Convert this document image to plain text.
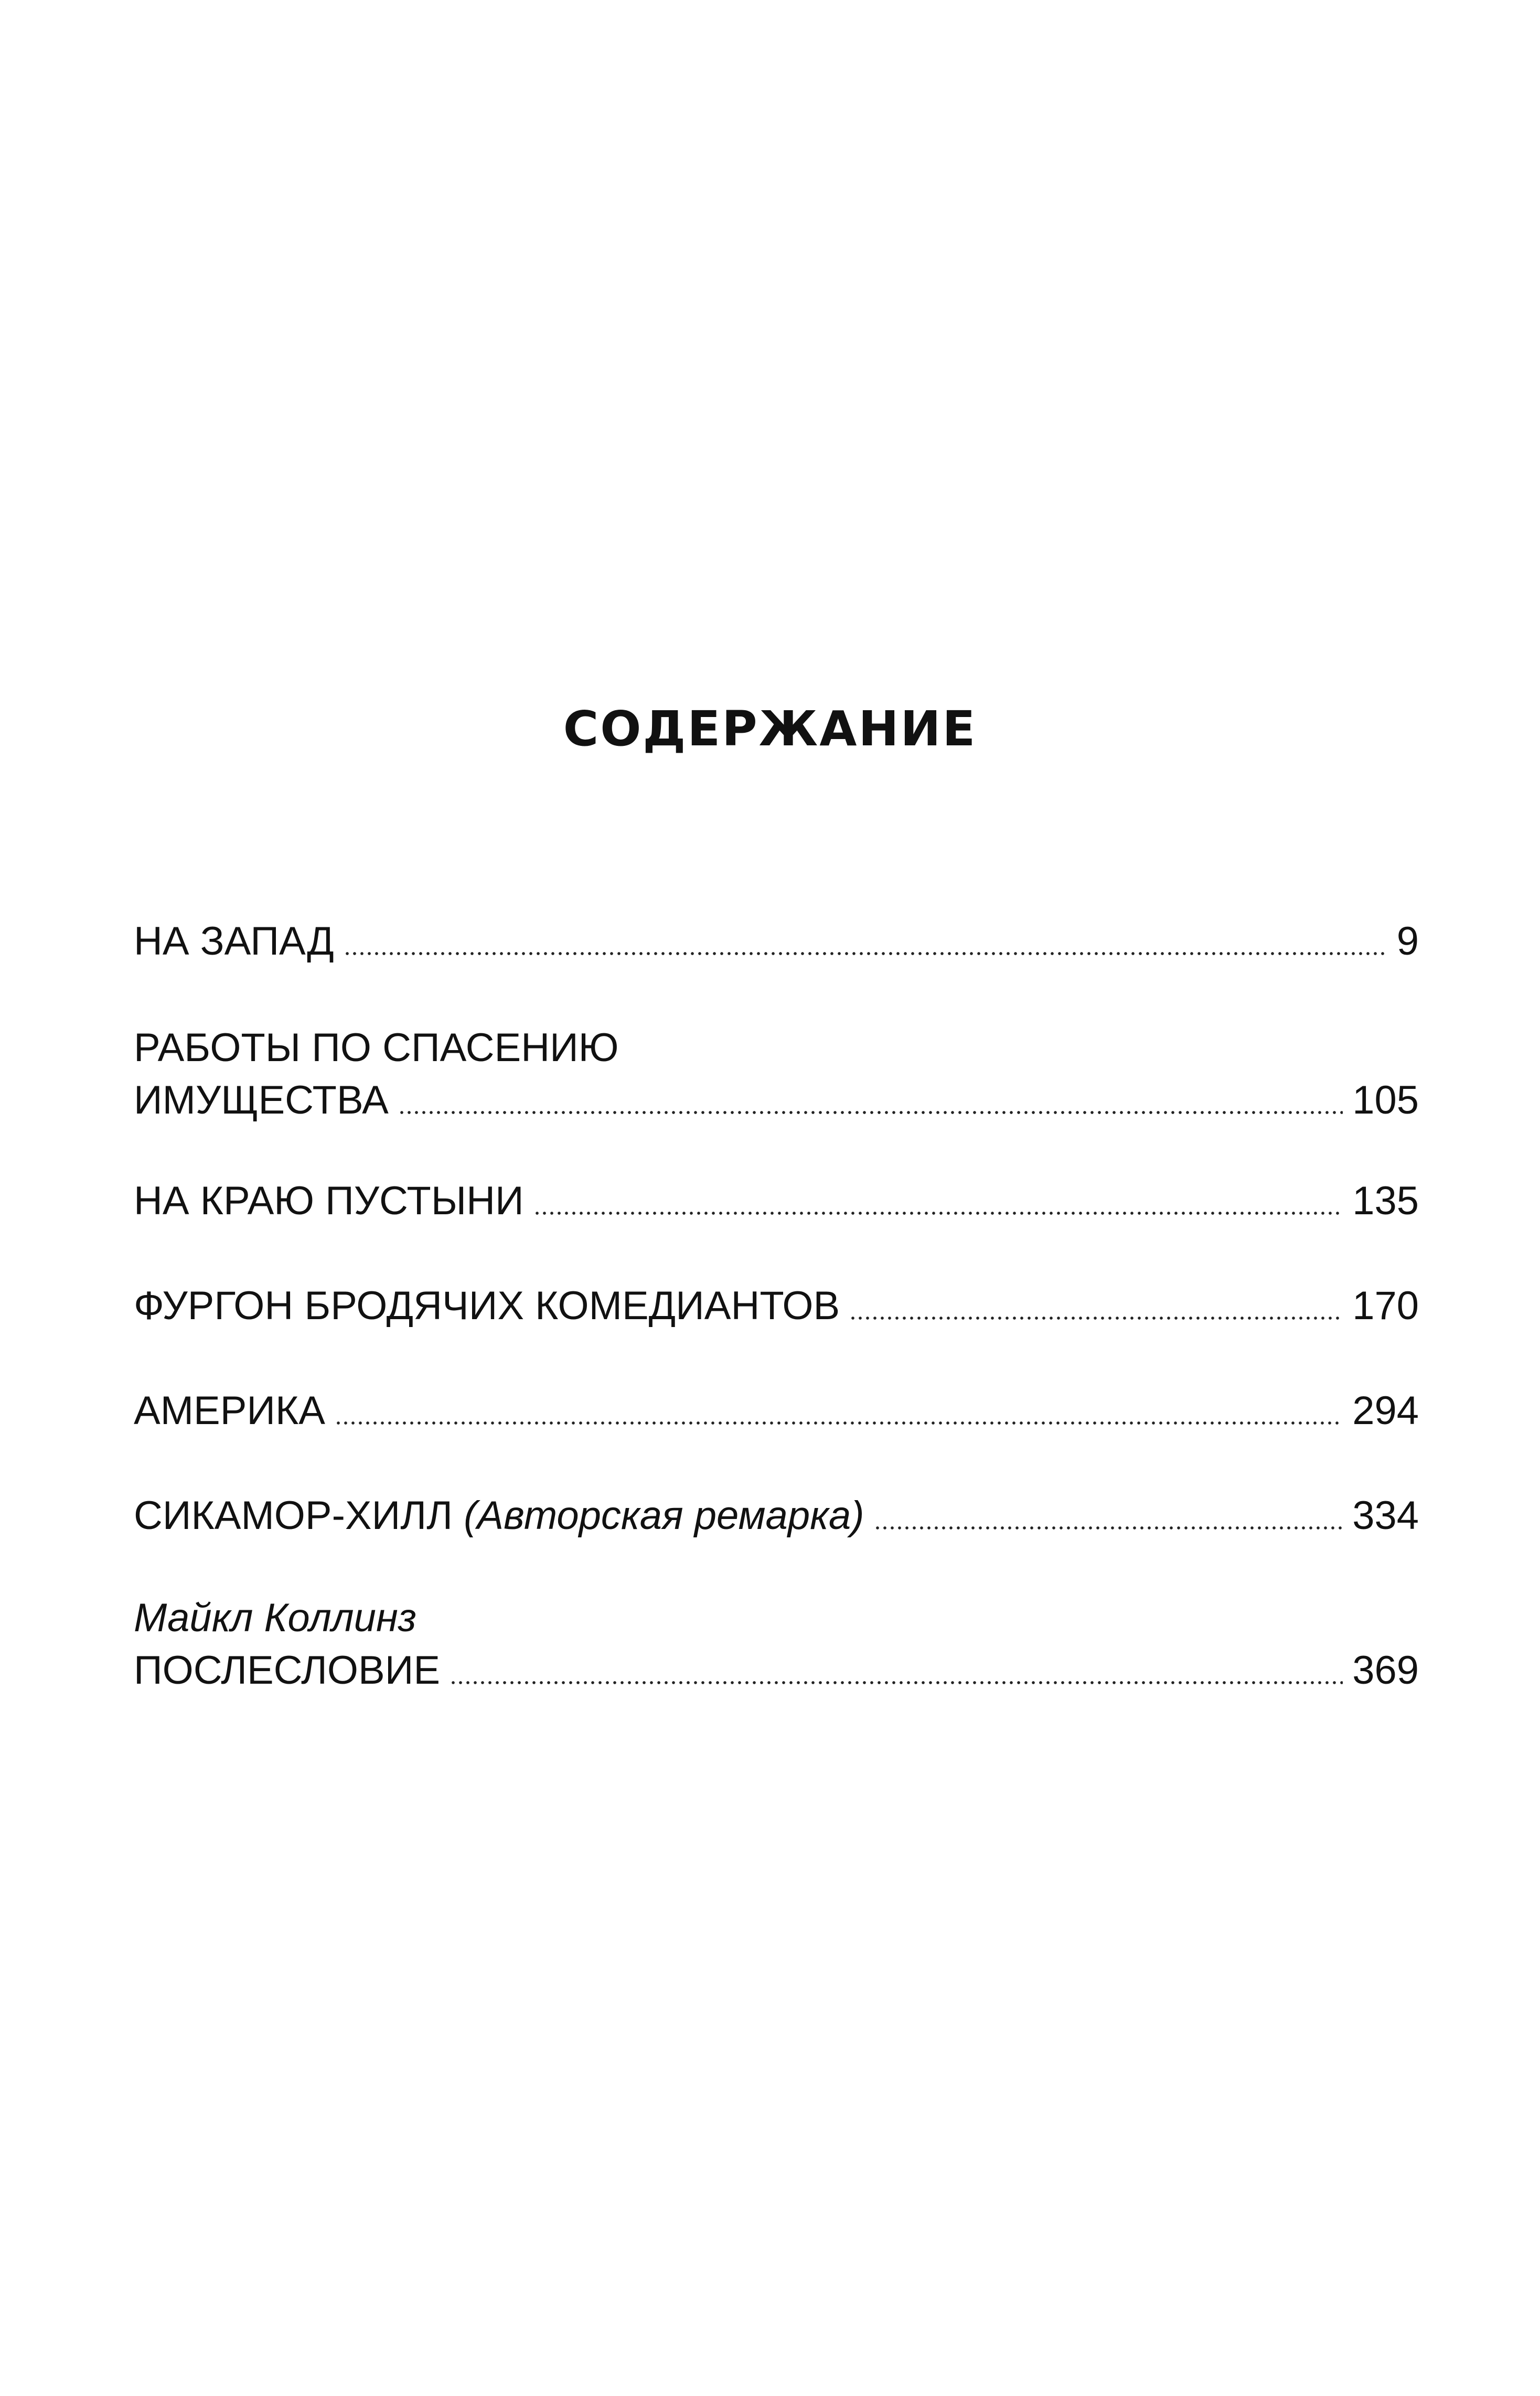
СОДЕРЖАНИЕ
НА ЗАПАД	9
РАБОТЫ ПО СПАСЕНИЮ
ИМУЩЕСТВА	105
НА КРАЮ ПУСТЫНИ	135
ФУРГОН БРОДЯЧИХ КОМЕДИАНТОВ	170
АМЕРИКА	294
СИКАМОР-ХИЛЛ (Авторская ремарка)	334
Майкл Коллинз
ПОСЛЕСЛОВИЕ	369
